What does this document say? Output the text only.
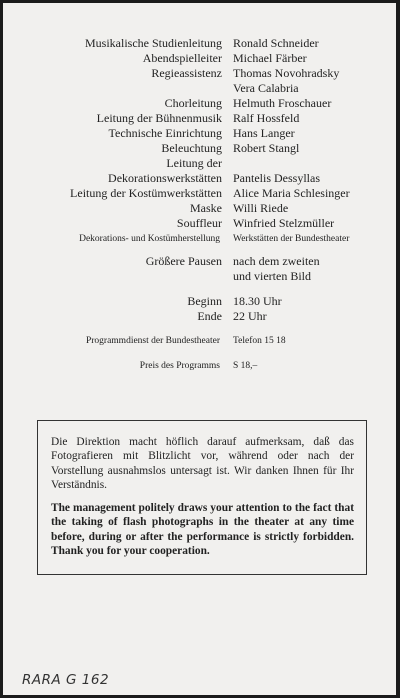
Musikalische Studienleitung Ronald Schneider
Abendspielleiter Michael Färber
Regieassistenz Thomas Novohradsky
Vera Calabria
Chorleitung Helmuth Froschauer
Leitung der Bühnenmusik Ralf Hossfeld
Technische Einrichtung Hans Langer
Beleuchtung Robert Stangl
Leitung der
Dekorationswerkstätten Pantelis Dessyllas
Leitung der Kostümwerkstätten Alice Maria Schlesinger
Maske Willi Riede
Souffleur Winfried Stelzmüller
Dekorations- und Kostümherstellung Werkstätten der Bundestheater
Größere Pausen nach dem zweiten
und vierten Bild
Beginn 18.30 Uhr
Ende 22 Uhr
Programmdienst der Bundestheater Telefon 15 18
Preis des Programms S 18,–

Die Direktion macht höflich darauf aufmerksam, daß das Fotografieren mit Blitzlicht vor, während oder nach der Vorstellung ausnahmslos untersagt ist. Wir danken Ihnen für Ihr Verständnis.

The management politely draws your attention to the fact that the taking of flash photographs in the theater at any time before, during or after the performance is strictly forbidden. Thank you for your cooperation.

RARA G 162
